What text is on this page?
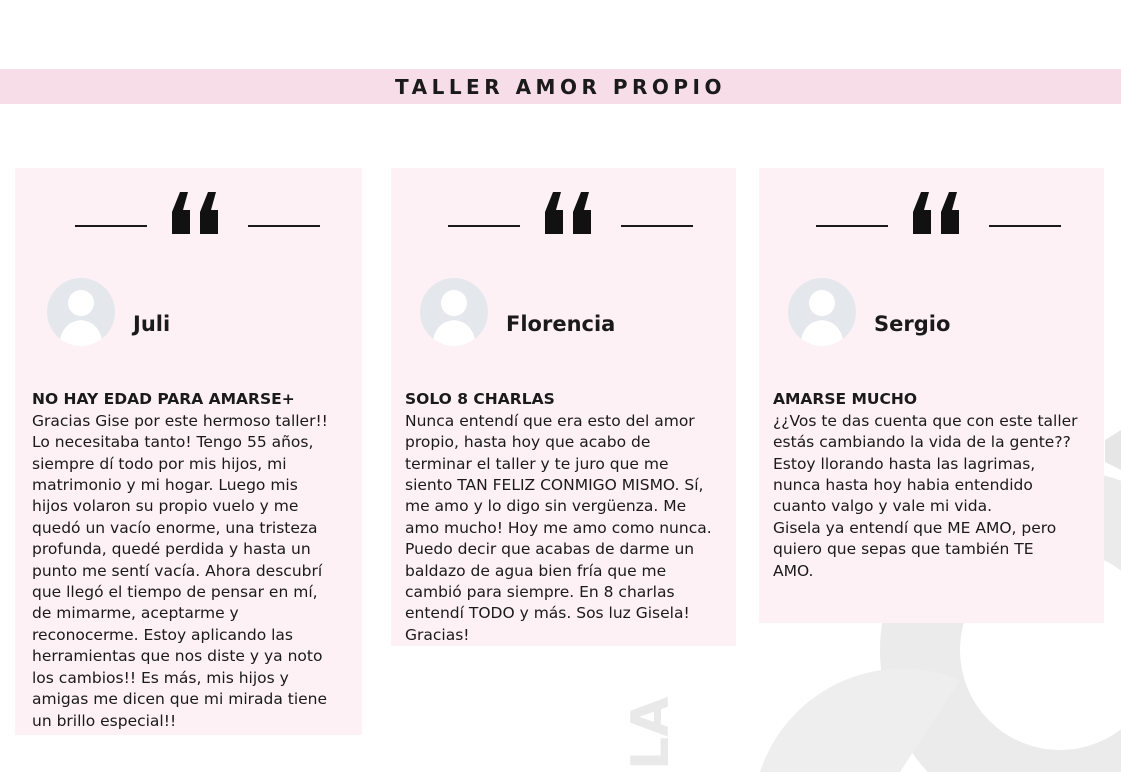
LA
TALLER AMOR PROPIO
Juli

NO HAY EDAD PARA AMARSE+
Gracias Gise por este hermoso taller!!
Lo necesitaba tanto! Tengo 55 años,
siempre dí todo por mis hijos, mi
matrimonio y mi hogar. Luego mis
hijos volaron su propio vuelo y me
quedó un vacío enorme, una tristeza
profunda, quedé perdida y hasta un
punto me sentí vacía. Ahora descubrí
que llegó el tiempo de pensar en mí,
de mimarme, aceptarme y
reconocerme. Estoy aplicando las
herramientas que nos diste y ya noto
los cambios!! Es más, mis hijos y
amigas me dicen que mi mirada tiene
un brillo especial!!

Florencia

SOLO 8 CHARLAS
Nunca entendí que era esto del amor
propio, hasta hoy que acabo de
terminar el taller y te juro que me
siento TAN FELIZ CONMIGO MISMO. Sí,
me amo y lo digo sin vergüenza. Me
amo mucho! Hoy me amo como nunca.
Puedo decir que acabas de darme un
baldazo de agua bien fría que me
cambió para siempre. En 8 charlas
entendí TODO y más. Sos luz Gisela!
Gracias!

Sergio

AMARSE MUCHO
¿¿Vos te das cuenta que con este taller
estás cambiando la vida de la gente??
Estoy llorando hasta las lagrimas,
nunca hasta hoy habia entendido
cuanto valgo y vale mi vida.
Gisela ya entendí que ME AMO, pero
quiero que sepas que también TE
AMO.
